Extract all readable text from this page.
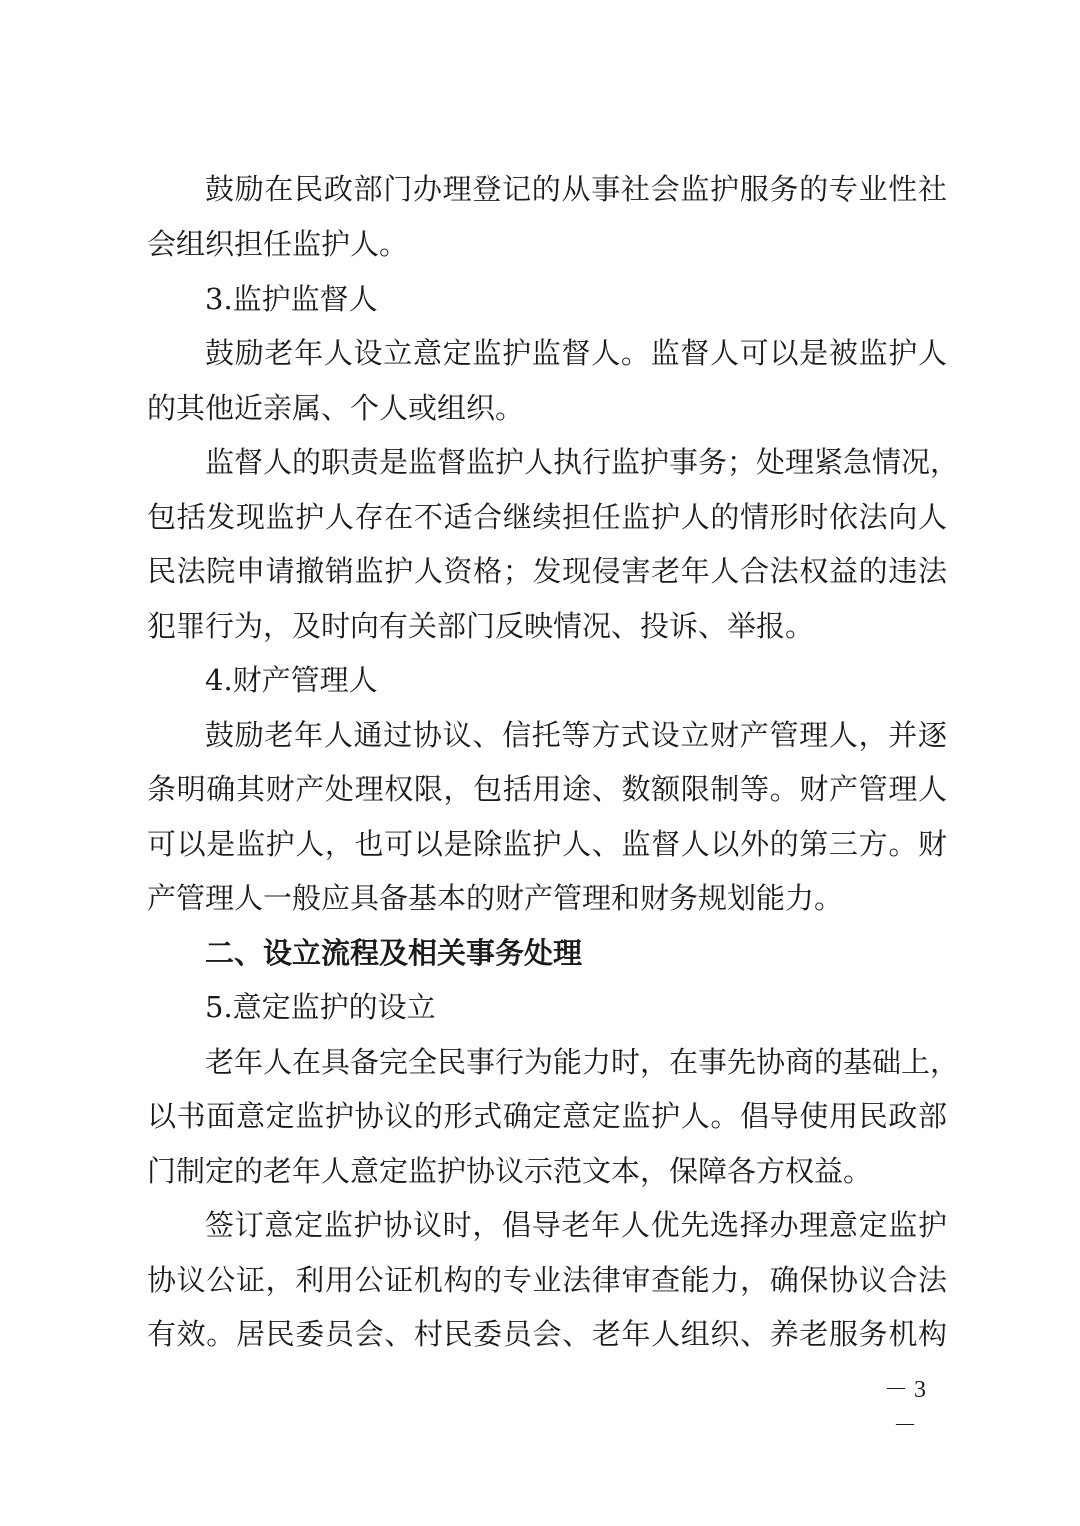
鼓励在民政部门办理登记的从事社会监护服务的专业性社
会组织担任监护人。
3.监护监督人
鼓励老年人设立意定监护监督人。监督人可以是被监护人
的其他近亲属、个人或组织。
监督人的职责是监督监护人执行监护事务；处理紧急情况，
包括发现监护人存在不适合继续担任监护人的情形时依法向人
民法院申请撤销监护人资格；发现侵害老年人合法权益的违法
犯罪行为，及时向有关部门反映情况、投诉、举报。
4.财产管理人
鼓励老年人通过协议、信托等方式设立财产管理人，并逐
条明确其财产处理权限，包括用途、数额限制等。财产管理人
可以是监护人，也可以是除监护人、监督人以外的第三方。财
产管理人一般应具备基本的财产管理和财务规划能力。
二、设立流程及相关事务处理
5.意定监护的设立
老年人在具备完全民事行为能力时，在事先协商的基础上，
以书面意定监护协议的形式确定意定监护人。倡导使用民政部
门制定的老年人意定监护协议示范文本，保障各方权益。
签订意定监护协议时，倡导老年人优先选择办理意定监护
协议公证，利用公证机构的专业法律审查能力，确保协议合法
有效。居民委员会、村民委员会、老年人组织、养老服务机构
－ 3 －
